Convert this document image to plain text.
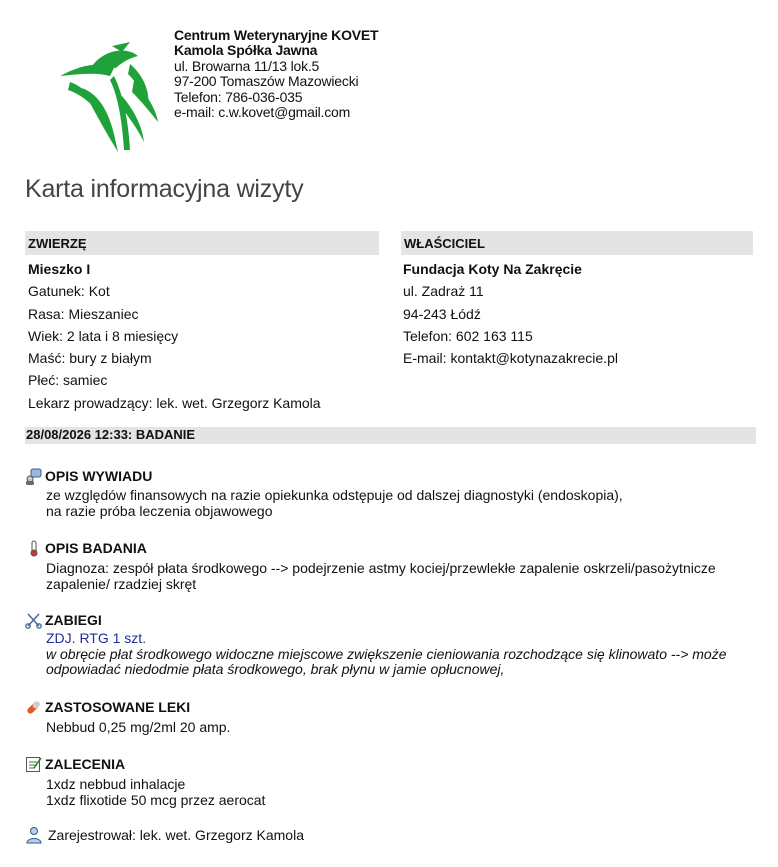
Centrum Weterynaryjne KOVET
Kamola Spółka Jawna
ul. Browarna 11/13 lok.5
97-200 Tomaszów Mazowiecki
Telefon: 786-036-035
e-mail: c.w.kovet@gmail.com
Karta informacyjna wizyty
ZWIERZĘ
Mieszko I
Gatunek: Kot
Rasa: Mieszaniec
Wiek: 2 lata i 8 miesięcy
Maść: bury z białym
Płeć: samiec
Lekarz prowadzący: lek. wet. Grzegorz Kamola
WŁAŚCICIEL
Fundacja Koty Na Zakręcie
ul. Zadraż 11
94-243 Łódź
Telefon: 602 163 115
E-mail: kontakt@kotynazakrecie.pl
28/08/2026 12:33: BADANIE
OPIS WYWIADU
ze względów finansowych na razie opiekunka odstępuje od dalszej diagnostyki (endoskopia),
na razie próba leczenia objawowego
OPIS BADANIA
Diagnoza: zespół płata środkowego --> podejrzenie astmy kociej/przewlekłe zapalenie oskrzeli/pasożytnicze
zapalenie/ rzadziej skręt
ZABIEGI
ZDJ. RTG 1 szt.
w obręcie płat środkowego widoczne miejscowe zwiększenie cieniowania rozchodzące się klinowato --> może
odpowiadać niedodmie płata środkowego, brak płynu w jamie opłucnowej,
ZASTOSOWANE LEKI
Nebbud 0,25 mg/2ml 20 amp.
ZALECENIA
1xdz nebbud inhalacje
1xdz flixotide 50 mcg przez aerocat
Zarejestrował: lek. wet. Grzegorz Kamola
